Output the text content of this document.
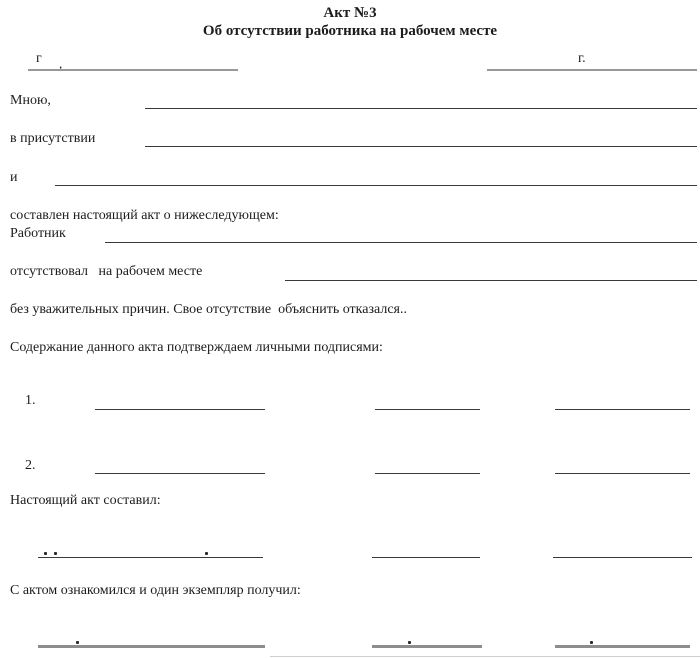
Акт №3
Об отсутствии работника на рабочем месте
г ,	г.
Мною,
в присутствии
и
составлен настоящий акт о нижеследующем:
Работник
отсутствовал   на рабочем месте
без уважительных причин. Свое отсутствие  объяснить отказался..
Содержание данного акта подтверждаем личными подписями:
1.
2.
Настоящий акт составил:
С актом ознакомился и один экземпляр получил:
